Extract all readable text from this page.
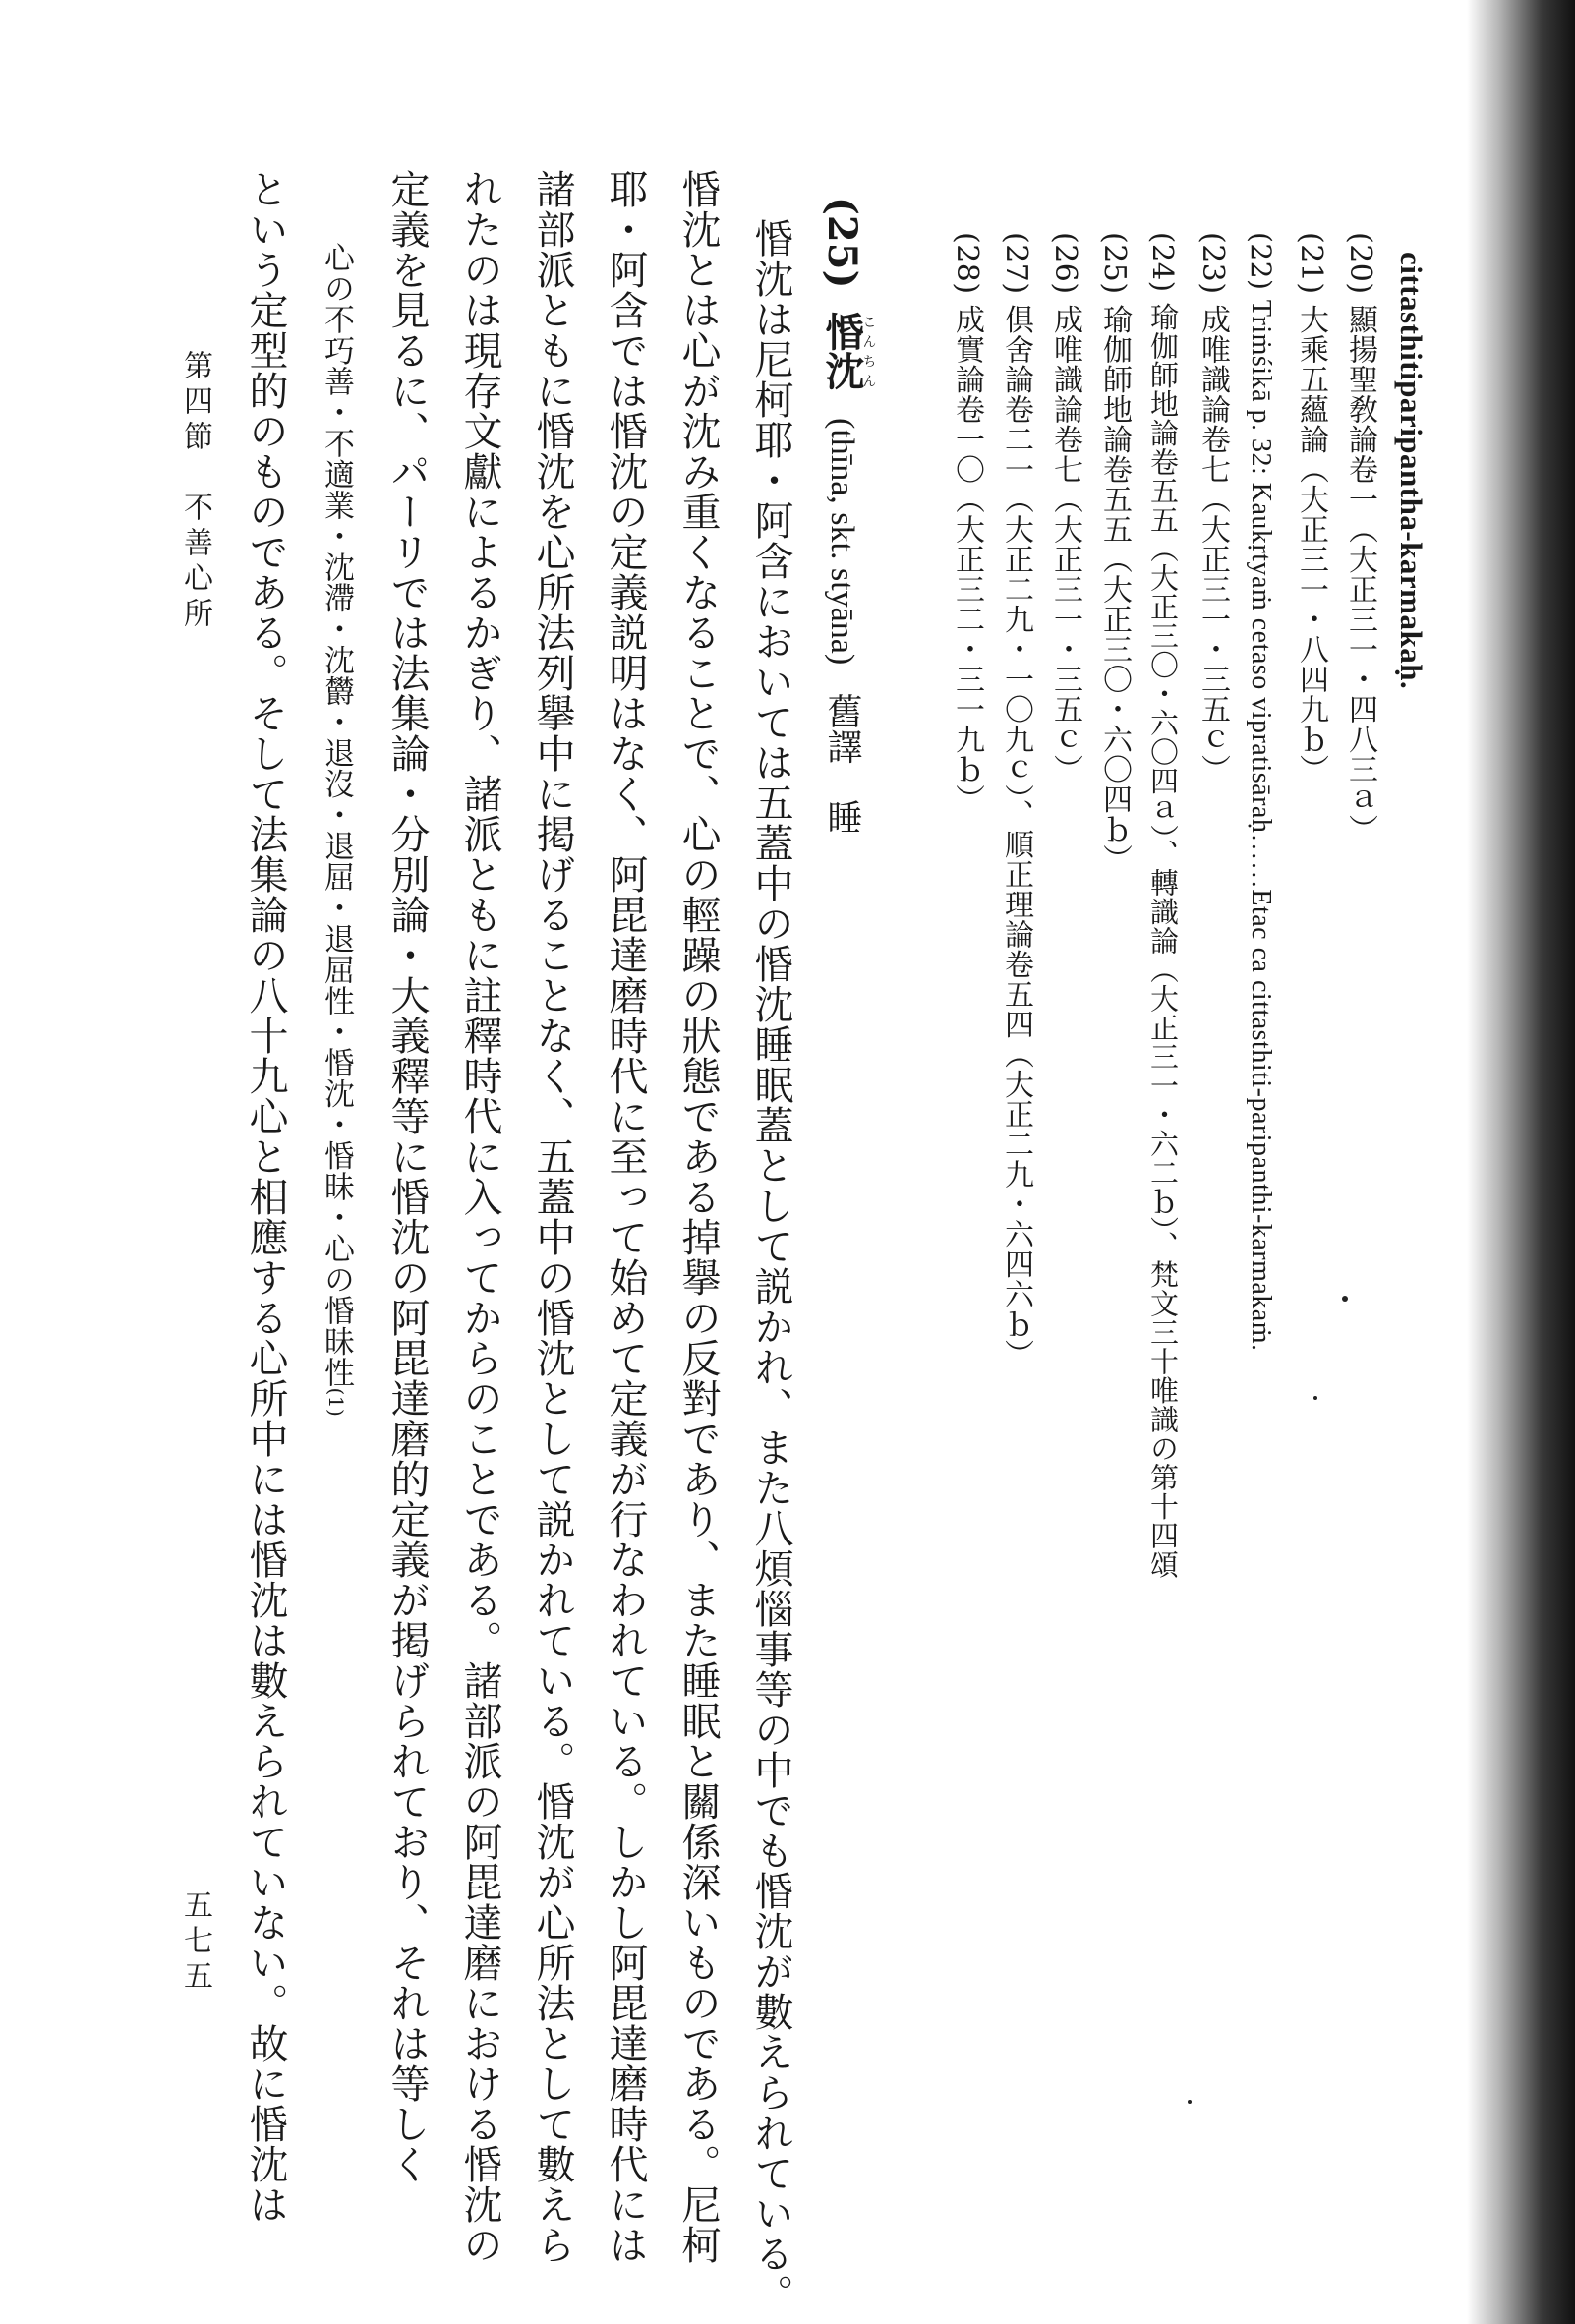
cittasthitiparipantha-karmakaḥ.
(20) 顯揚聖敎論卷一（大正三一・四八三ａ）
(21) 大乘五蘊論（大正三一・八四九ｂ）
(22) Triṁśikā p. 32: Kaukṛtyaṁ cetaso vipratisāraḥ……Etac ca cittasthiti-paripanthi-karmakaṁ.
(23) 成唯識論卷七（大正三一・三五ｃ）
(24) 瑜伽師地論卷五五（大正三〇・六〇四ａ）、轉識論（大正三一・六二ｂ）、梵文三十唯識の第十四頌
(25) 瑜伽師地論卷五五（大正三〇・六〇四ｂ）
(26) 成唯識論卷七（大正三一・三五ｃ）
(27) 俱舍論卷二一（大正二九・一〇九ｃ）、順正理論卷五四（大正二九・六四六ｂ）
(28) 成實論卷一〇（大正三二・三一九ｂ）
(25) 惛沈こんちん (thīna, skt. styāna) 舊譯　睡
惛沈は尼柯耶・阿含においては五蓋中の惛沈睡眠蓋として説かれ、また八煩惱事等の中でも惛沈が數えられている。
惛沈とは心が沈み重くなることで、心の輕躁の狀態である掉擧の反對であり、また睡眠と關係深いものである。尼柯
耶・阿含では惛沈の定義説明はなく、阿毘達磨時代に至って始めて定義が行なわれている。しかし阿毘達磨時代には
諸部派ともに惛沈を心所法列擧中に掲げることなく、五蓋中の惛沈として説かれている。惛沈が心所法として數えら
れたのは現存文獻によるかぎり、諸派ともに註釋時代に入ってからのことである。諸部派の阿毘達磨における惛沈の
定義を見るに、パーリでは法集論・分別論・大義釋等に惛沈の阿毘達磨的定義が掲げられており、それは等しく
心の不巧善・不適業・沈滯・沈欝・退沒・退屈・退屈性・惛沈・惛昧・心の惛昧性(1)
という定型的のものである。そして法集論の八十九心と相應する心所中には惛沈は數えられていない。故に惛沈は
第四節　不善心所
五七五
